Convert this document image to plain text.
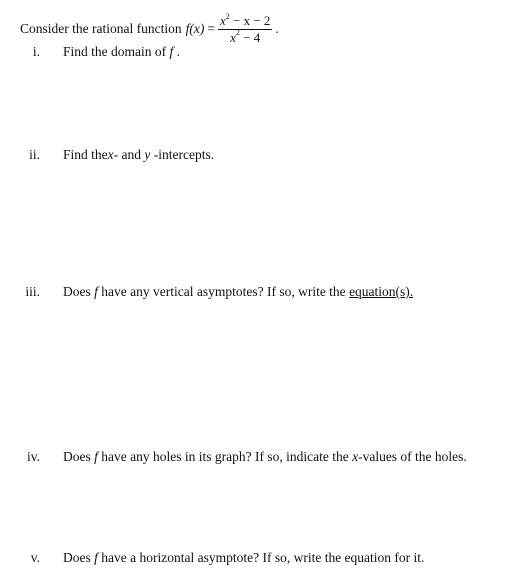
Consider the rational function $f(x) = \frac{x^2 - x - 2}{x^2 - 4}$ .
i. Find the domain of f .
ii. Find thex- and y -intercepts.
iii. Does f have any vertical asymptotes? If so, write the equation(s).
iv. Does f have any holes in its graph? If so, indicate the x-values of the holes.
v. Does f have a horizontal asymptote? If so, write the equation for it.
